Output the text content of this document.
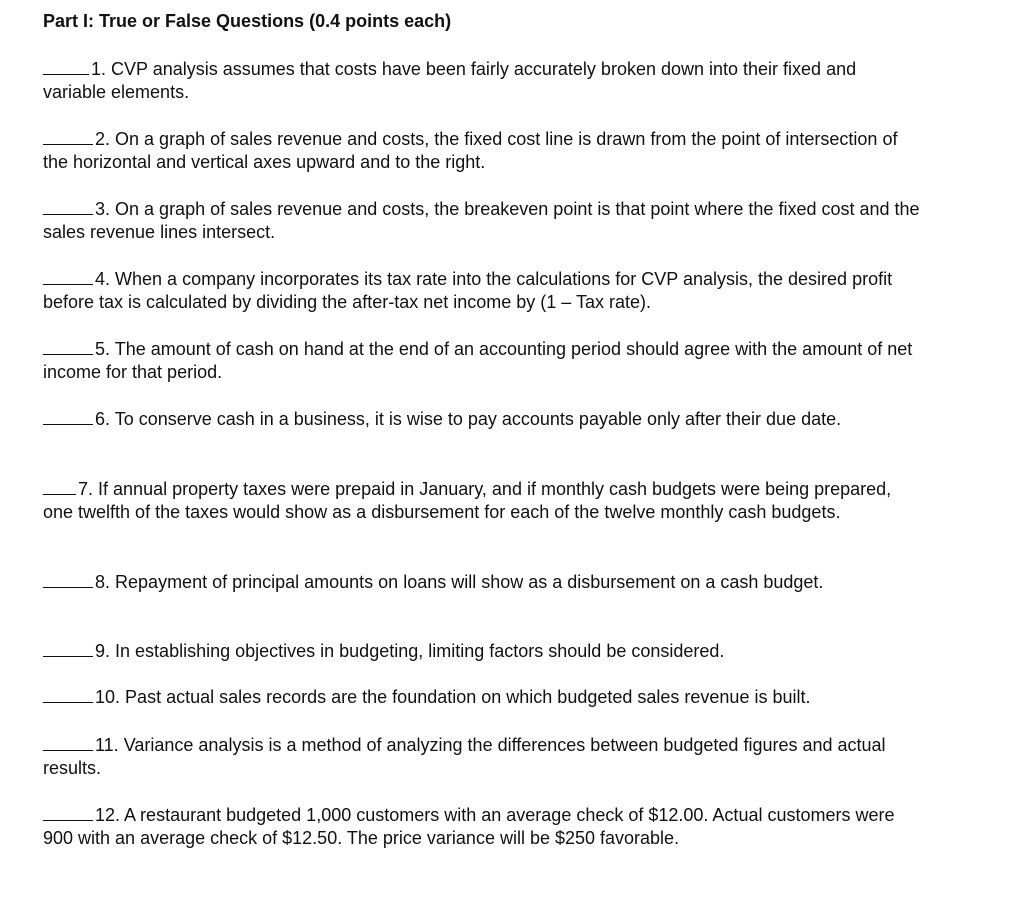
Part I: True or False Questions (0.4 points each)
1. CVP analysis assumes that costs have been fairly accurately broken down into their fixed and variable elements.
2. On a graph of sales revenue and costs, the fixed cost line is drawn from the point of intersection of the horizontal and vertical axes upward and to the right.
3. On a graph of sales revenue and costs, the breakeven point is that point where the fixed cost and the sales revenue lines intersect.
4. When a company incorporates its tax rate into the calculations for CVP analysis, the desired profit before tax is calculated by dividing the after-tax net income by (1 – Tax rate).
5. The amount of cash on hand at the end of an accounting period should agree with the amount of net income for that period.
6. To conserve cash in a business, it is wise to pay accounts payable only after their due date.
7. If annual property taxes were prepaid in January, and if monthly cash budgets were being prepared, one twelfth of the taxes would show as a disbursement for each of the twelve monthly cash budgets.
8. Repayment of principal amounts on loans will show as a disbursement on a cash budget.
9. In establishing objectives in budgeting, limiting factors should be considered.
10. Past actual sales records are the foundation on which budgeted sales revenue is built.
11. Variance analysis is a method of analyzing the differences between budgeted figures and actual results.
12. A restaurant budgeted 1,000 customers with an average check of $12.00. Actual customers were 900 with an average check of $12.50. The price variance will be $250 favorable.
